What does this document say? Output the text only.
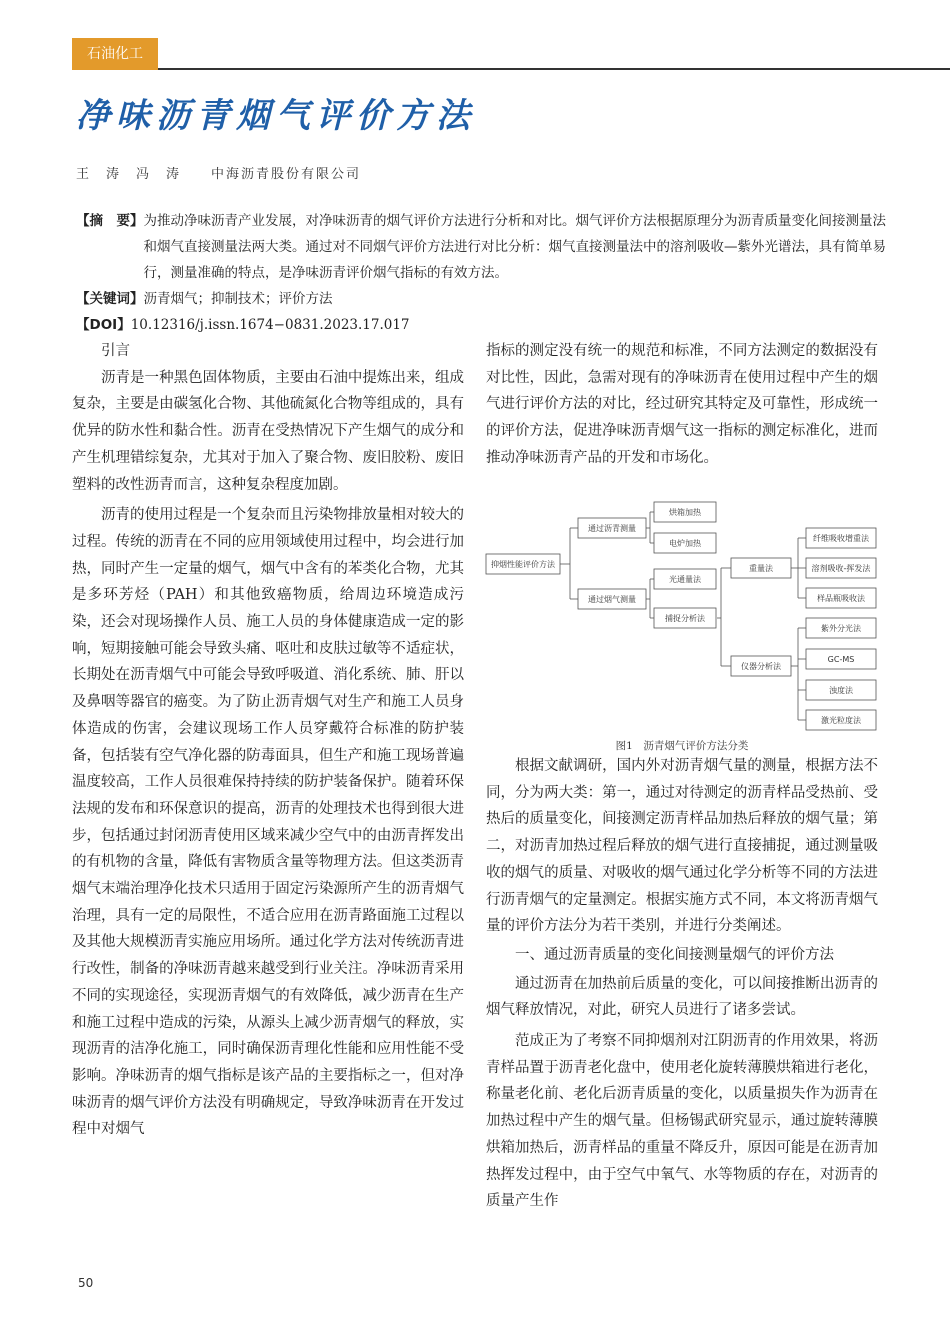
石油化工
净味沥青烟气评价方法
王　涛　冯　涛　　中海沥青股份有限公司
【摘　要】 为推动净味沥青产业发展，对净味沥青的烟气评价方法进行分析和对比。烟气评价方法根据原理分为沥青质量变化间接测量法和烟气直接测量法两大类。通过对不同烟气评价方法进行对比分析：烟气直接测量法中的溶剂吸收—紫外光谱法，具有简单易行，测量准确的特点，是净味沥青评价烟气指标的有效方法。
【关键词】 沥青烟气；抑制技术；评价方法
【DOI】 10.12316/j.issn.1674−0831.2023.17.017
引言

沥青是一种黑色固体物质，主要由石油中提炼出来，组成复杂，主要是由碳氢化合物、其他硫氮化合物等组成的，具有优异的防水性和黏合性。沥青在受热情况下产生烟气的成分和产生机理错综复杂，尤其对于加入了聚合物、废旧胶粉、废旧塑料的改性沥青而言，这种复杂程度加剧。

沥青的使用过程是一个复杂而且污染物排放量相对较大的过程。传统的沥青在不同的应用领域使用过程中，均会进行加热，同时产生一定量的烟气，烟气中含有的苯类化合物，尤其是多环芳烃（PAH）和其他致癌物质，给周边环境造成污染，还会对现场操作人员、施工人员的身体健康造成一定的影响，短期接触可能会导致头痛、呕吐和皮肤过敏等不适症状，长期处在沥青烟气中可能会导致呼吸道、消化系统、肺、肝以及鼻咽等器官的癌变。为了防止沥青烟气对生产和施工人员身体造成的伤害，会建议现场工作人员穿戴符合标准的防护装备，包括装有空气净化器的防毒面具，但生产和施工现场普遍温度较高，工作人员很难保持持续的防护装备保护。随着环保法规的发布和环保意识的提高，沥青的处理技术也得到很大进步，包括通过封闭沥青使用区域来减少空气中的由沥青挥发出的有机物的含量，降低有害物质含量等物理方法。但这类沥青烟气末端治理净化技术只适用于固定污染源所产生的沥青烟气治理，具有一定的局限性，不适合应用在沥青路面施工过程以及其他大规模沥青实施应用场所。通过化学方法对传统沥青进行改性，制备的净味沥青越来越受到行业关注。净味沥青采用不同的实现途径，实现沥青烟气的有效降低，减少沥青在生产和施工过程中造成的污染，从源头上减少沥青烟气的释放，实现沥青的洁净化施工，同时确保沥青理化性能和应用性能不受影响。净味沥青的烟气指标是该产品的主要指标之一，但对净味沥青的烟气评价方法没有明确规定，导致净味沥青在开发过程中对烟气

指标的测定没有统一的规范和标准，不同方法测定的数据没有对比性，因此，急需对现有的净味沥青在使用过程中产生的烟气进行评价方法的对比，经过研究其特定及可靠性，形成统一的评价方法，促进净味沥青烟气这一指标的测定标准化，进而推动净味沥青产品的开发和市场化。

抑烟性能评价方法
通过沥青测量
通过烟气测量
烘箱加热
电炉加热
光通量法
捕捉分析法
重量法
仪器分析法
纤维吸收增重法
溶剂吸收-挥发法
样品瓶吸收法
紫外分光法
GC-MS
浊度法
激光粒度法
图1　沥青烟气评价方法分类

根据文献调研，国内外对沥青烟气量的测量，根据方法不同，分为两大类：第一，通过对待测定的沥青样品受热前、受热后的质量变化，间接测定沥青样品加热后释放的烟气量；第二，对沥青加热过程后释放的烟气进行直接捕捉，通过测量吸收的烟气的质量、对吸收的烟气通过化学分析等不同的方法进行沥青烟气的定量测定。根据实施方式不同，本文将沥青烟气量的评价方法分为若干类别，并进行分类阐述。

一、通过沥青质量的变化间接测量烟气的评价方法

通过沥青在加热前后质量的变化，可以间接推断出沥青的烟气释放情况，对此，研究人员进行了诸多尝试。

范成正为了考察不同抑烟剂对江阴沥青的作用效果，将沥青样品置于沥青老化盘中，使用老化旋转薄膜烘箱进行老化，称量老化前、老化后沥青质量的变化，以质量损失作为沥青在加热过程中产生的烟气量。但杨锡武研究显示，通过旋转薄膜烘箱加热后，沥青样品的重量不降反升，原因可能是在沥青加热挥发过程中，由于空气中氧气、水等物质的存在，对沥青的质量产生作

50
